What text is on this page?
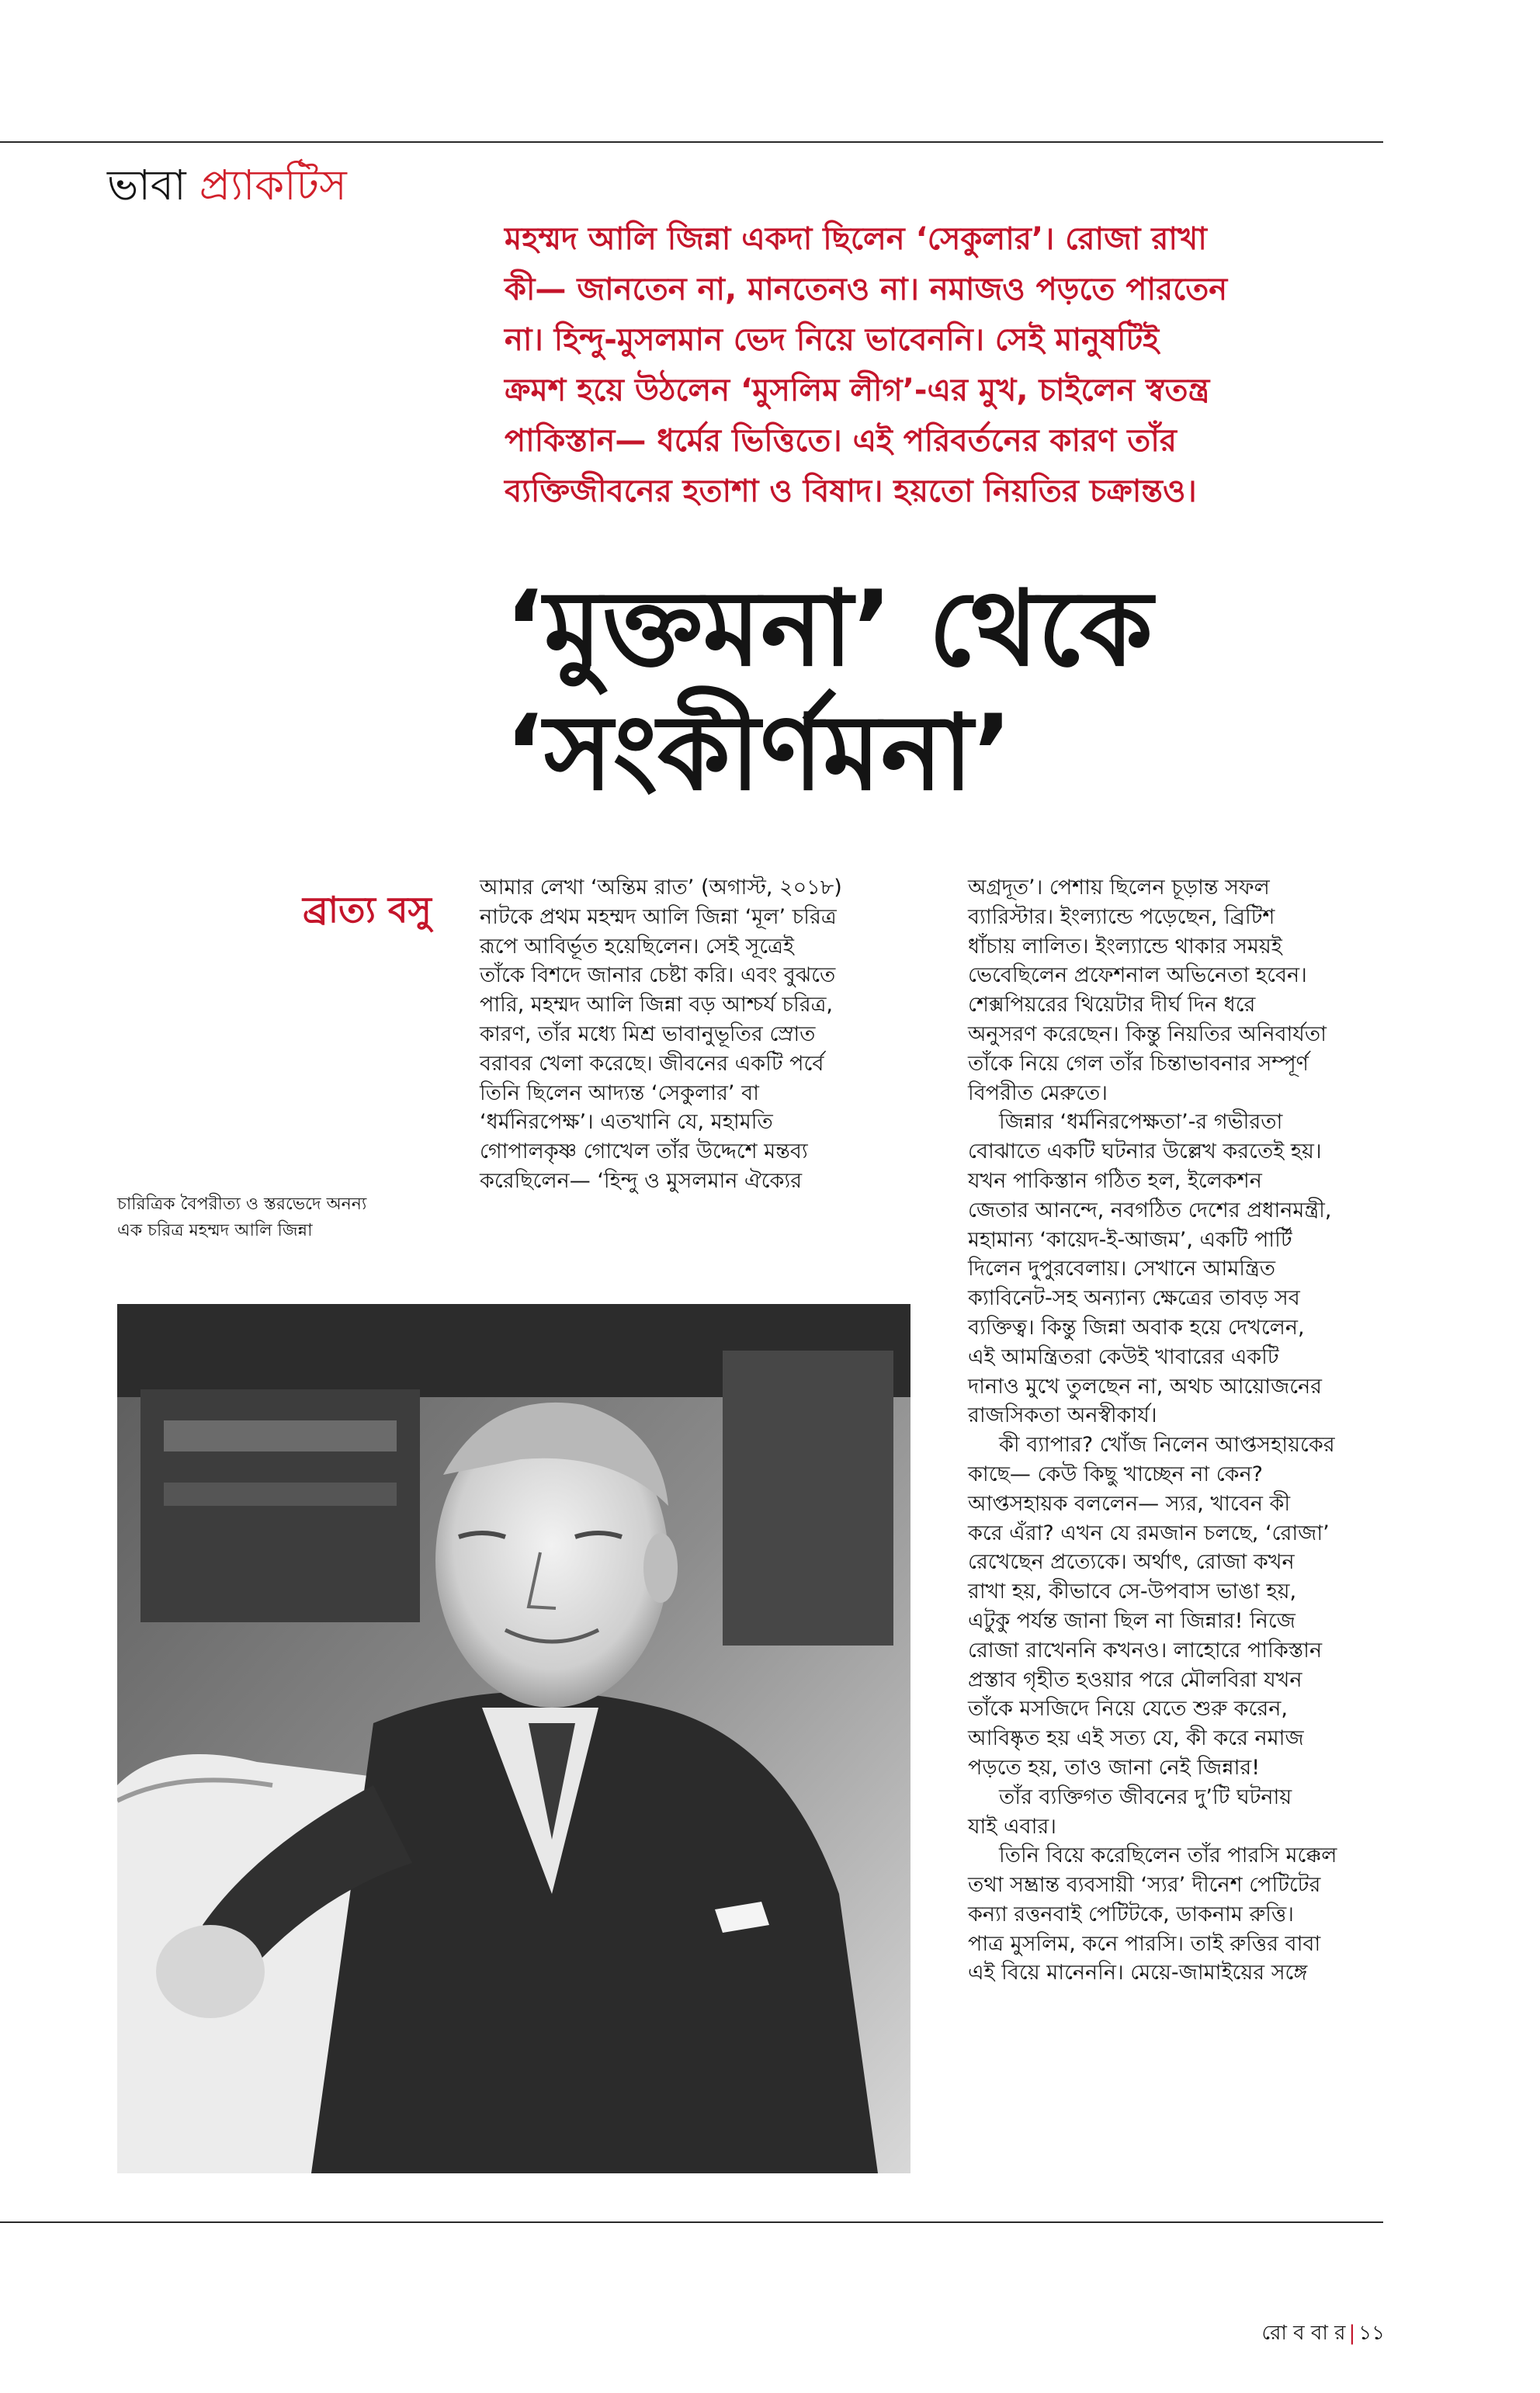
ভাবা প্র্যাকটিস

মহম্মদ আলি জিন্না একদা ছিলেন ‘সেকুলার’। রোজা রাখা

কী— জানতেন না, মানতেনও না। নমাজও পড়তে পারতেন

না। হিন্দু-মুসলমান ভেদ নিয়ে ভাবেননি। সেই মানুষটিই

ক্রমশ হয়ে উঠলেন ‘মুসলিম লীগ’-এর মুখ, চাইলেন স্বতন্ত্র

পাকিস্তান— ধর্মের ভিত্তিতে। এই পরিবর্তনের কারণ তাঁর

ব্যক্তিজীবনের হতাশা ও বিষাদ। হয়তো নিয়তির চক্রান্তও।

‘মুক্তমনা’ থেকে
‘সংকীর্ণমনা’
ব্রাত্য বসু

আমার লেখা ‘অন্তিম রাত’ (অগাস্ট, ২০১৮)

নাটকে প্রথম মহম্মদ আলি জিন্না ‘মূল’ চরিত্র

রূপে আবির্ভূত হয়েছিলেন। সেই সূত্রেই

তাঁকে বিশদে জানার চেষ্টা করি। এবং বুঝতে

পারি, মহম্মদ আলি জিন্না বড় আশ্চর্য চরিত্র,

কারণ, তাঁর মধ্যে মিশ্র ভাবানুভূতির স্রোত

বরাবর খেলা করেছে। জীবনের একটি পর্বে

তিনি ছিলেন আদ্যন্ত ‘সেকুলার’ বা

‘ধর্মনিরপেক্ষ’। এতখানি যে, মহামতি

গোপালকৃষ্ণ গোখেল তাঁর উদ্দেশে মন্তব্য

করেছিলেন— ‘হিন্দু ও মুসলমান ঐক্যের

অগ্রদূত’। পেশায় ছিলেন চূড়ান্ত সফল

ব্যারিস্টার। ইংল্যান্ডে পড়েছেন, ব্রিটিশ

ধাঁচায় লালিত। ইংল্যান্ডে থাকার সময়ই

ভেবেছিলেন প্রফেশনাল অভিনেতা হবেন।

শেক্সপিয়রের থিয়েটার দীর্ঘ দিন ধরে

অনুসরণ করেছেন। কিন্তু নিয়তির অনিবার্যতা

তাঁকে নিয়ে গেল তাঁর চিন্তাভাবনার সম্পূর্ণ

বিপরীত মেরুতে।

জিন্নার ‘ধর্মনিরপেক্ষতা’-র গভীরতা

বোঝাতে একটি ঘটনার উল্লেখ করতেই হয়।

যখন পাকিস্তান গঠিত হল, ইলেকশন

জেতার আনন্দে, নবগঠিত দেশের প্রধানমন্ত্রী,

মহামান্য ‘কায়েদ-ই-আজম’, একটি পার্টি

দিলেন দুপুরবেলায়। সেখানে আমন্ত্রিত

ক্যাবিনেট-সহ অন্যান্য ক্ষেত্রের তাবড় সব

ব্যক্তিত্ব। কিন্তু জিন্না অবাক হয়ে দেখলেন,

এই আমন্ত্রিতরা কেউই খাবারের একটি

দানাও মুখে তুলছেন না, অথচ আয়োজনের

রাজসিকতা অনস্বীকার্য।

কী ব্যাপার? খোঁজ নিলেন আপ্তসহায়কের

কাছে— কেউ কিছু খাচ্ছেন না কেন?

আপ্তসহায়ক বললেন— স্যর, খাবেন কী

করে এঁরা? এখন যে রমজান চলছে, ‘রোজা’

রেখেছেন প্রত্যেকে। অর্থাৎ, রোজা কখন

রাখা হয়, কীভাবে সে-উপবাস ভাঙা হয়,

এটুকু পর্যন্ত জানা ছিল না জিন্নার! নিজে

রোজা রাখেননি কখনও। লাহোরে পাকিস্তান

প্রস্তাব গৃহীত হওয়ার পরে মৌলবিরা যখন

তাঁকে মসজিদে নিয়ে যেতে শুরু করেন,

আবিষ্কৃত হয় এই সত্য যে, কী করে নমাজ

পড়তে হয়, তাও জানা নেই জিন্নার!

তাঁর ব্যক্তিগত জীবনের দু’টি ঘটনায়

যাই এবার।

তিনি বিয়ে করেছিলেন তাঁর পারসি মক্কেল

তথা সম্ভ্রান্ত ব্যবসায়ী ‘স্যর’ দীনেশ পেটিটের

কন্যা রত্তনবাই পেটিটকে, ডাকনাম রুত্তি।

পাত্র মুসলিম, কনে পারসি। তাই রুত্তির বাবা

এই বিয়ে মানেননি। মেয়ে-জামাইয়ের সঙ্গে

চারিত্রিক বৈপরীত্য ও স্তরভেদে অনন্য

এক চরিত্র মহম্মদ আলি জিন্না

রো ব বা র | ১১
